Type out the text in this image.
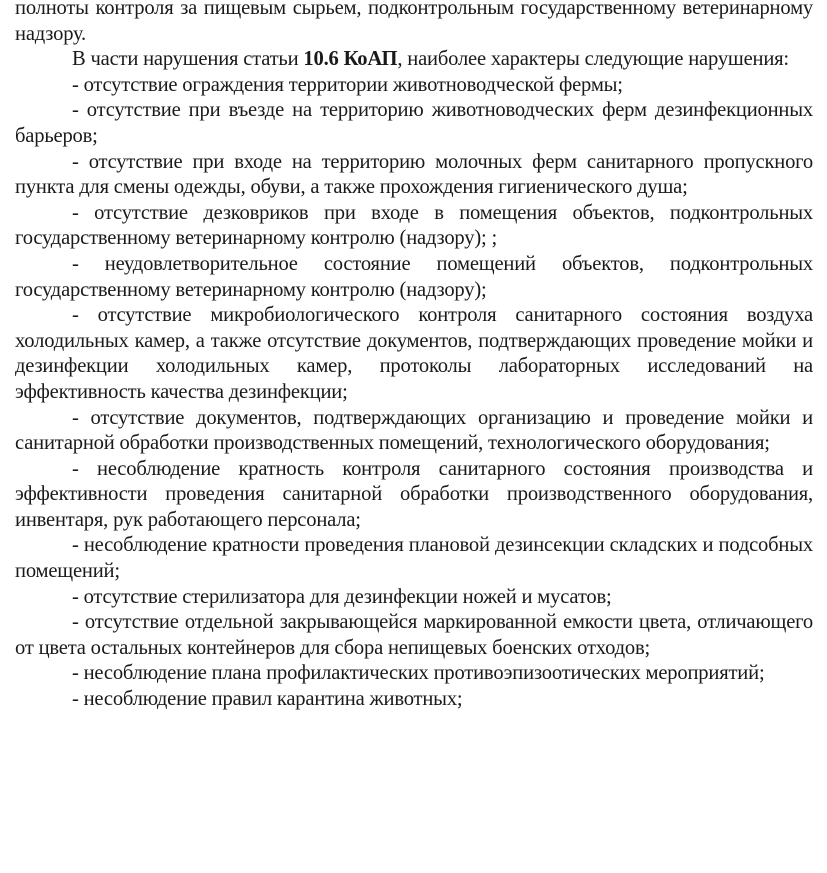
полноты контроля за пищевым сырьем, подконтрольным государственному ветеринарному надзору.

В части нарушения статьи 10.6 КоАП, наиболее характеры следующие нарушения:

- отсутствие ограждения территории животноводческой фермы;

- отсутствие при въезде на территорию животноводческих ферм дезинфекционных барьеров;

- отсутствие при входе на территорию молочных ферм санитарного пропускного пункта для смены одежды, обуви, а также прохождения гигиенического душа;

- отсутствие дезковриков при входе в помещения объектов, подконтрольных государственному ветеринарному контролю (надзору); ;

- неудовлетворительное состояние помещений объектов, подконтрольных государственному ветеринарному контролю (надзору);

- отсутствие микробиологического контроля санитарного состояния воздуха холодильных камер, а также отсутствие документов, подтверждающих проведение мойки и дезинфекции холодильных камер, протоколы лабораторных исследований на эффективность качества дезинфекции;

- отсутствие документов, подтверждающих организацию и проведение мойки и санитарной обработки производственных помещений, технологического оборудования;

- несоблюдение кратность контроля санитарного состояния производства и эффективности проведения санитарной обработки производственного оборудования, инвентаря, рук работающего персонала;

- несоблюдение кратности проведения плановой дезинсекции складских и подсобных помещений;

- отсутствие стерилизатора для дезинфекции ножей и мусатов;

- отсутствие отдельной закрывающейся маркированной емкости цвета, отличающего от цвета остальных контейнеров для сбора непищевых боенских отходов;

- несоблюдение плана профилактических противоэпизоотических мероприятий;

- несоблюдение правил карантина животных;
